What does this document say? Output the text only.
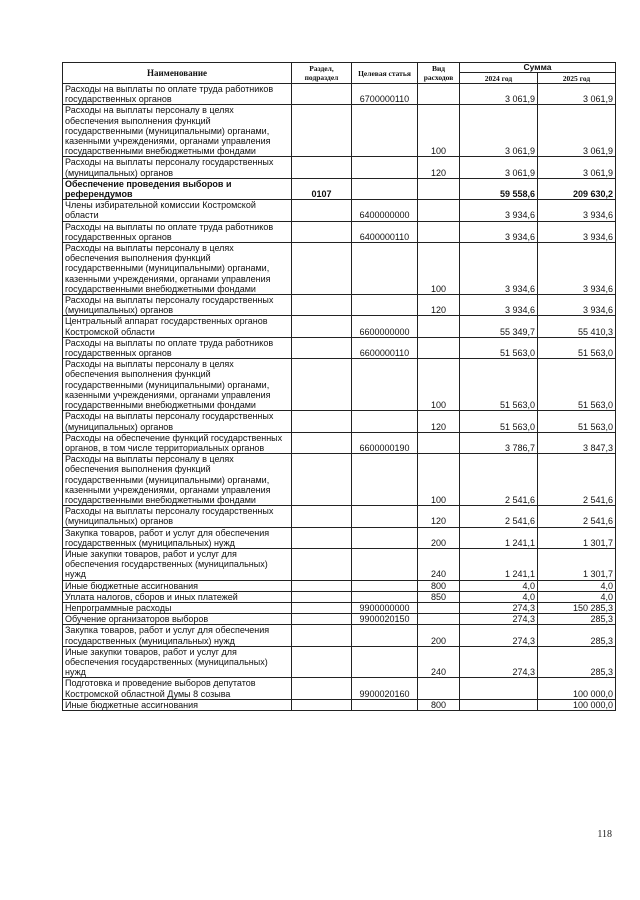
Наименование	Раздел, подраздел	Целевая статья	Вид расходов	Сумма	
				2024 год	2025 год
Расходы на выплаты по оплате труда работников государственных органов		6700000110		3 061,9	3 061,9
Расходы на выплаты персоналу в целях обеспечения выполнения функций государственными (муниципальными) органами, казенными учреждениями, органами управления государственными внебюджетными фондами			100	3 061,9	3 061,9
Расходы на выплаты персоналу государственных (муниципальных) органов			120	3 061,9	3 061,9
Обеспечение проведения выборов и референдумов	0107			59 558,6	209 630,2
Члены избирательной комиссии Костромской области		6400000000		3 934,6	3 934,6
Расходы на выплаты по оплате труда работников государственных органов		6400000110		3 934,6	3 934,6
Расходы на выплаты персоналу в целях обеспечения выполнения функций государственными (муниципальными) органами, казенными учреждениями, органами управления государственными внебюджетными фондами			100	3 934,6	3 934,6
Расходы на выплаты персоналу государственных (муниципальных) органов			120	3 934,6	3 934,6
Центральный аппарат государственных органов Костромской области		6600000000		55 349,7	55 410,3
Расходы на выплаты по оплате труда работников государственных органов		6600000110		51 563,0	51 563,0
Расходы на выплаты персоналу в целях обеспечения выполнения функций государственными (муниципальными) органами, казенными учреждениями, органами управления государственными внебюджетными фондами			100	51 563,0	51 563,0
Расходы на выплаты персоналу государственных (муниципальных) органов			120	51 563,0	51 563,0
Расходы на обеспечение функций государственных органов, в том числе территориальных органов		6600000190		3 786,7	3 847,3
Расходы на выплаты персоналу в целях обеспечения выполнения функций государственными (муниципальными) органами, казенными учреждениями, органами управления государственными внебюджетными фондами			100	2 541,6	2 541,6
Расходы на выплаты персоналу государственных (муниципальных) органов			120	2 541,6	2 541,6
Закупка товаров, работ и услуг для обеспечения государственных (муниципальных) нужд			200	1 241,1	1 301,7
Иные закупки товаров, работ и услуг для обеспечения государственных (муниципальных) нужд			240	1 241,1	1 301,7
Иные бюджетные ассигнования			800	4,0	4,0
Уплата налогов, сборов и иных платежей			850	4,0	4,0
Непрограммные расходы		9900000000		274,3	150 285,3
Обучение организаторов выборов		9900020150		274,3	285,3
Закупка товаров, работ и услуг для обеспечения государственных (муниципальных) нужд			200	274,3	285,3
Иные закупки товаров, работ и услуг для обеспечения государственных (муниципальных) нужд			240	274,3	285,3
Подготовка и проведение выборов депутатов Костромской областной Думы 8 созыва		9900020160			100 000,0
Иные бюджетные ассигнования			800		100 000,0
118
